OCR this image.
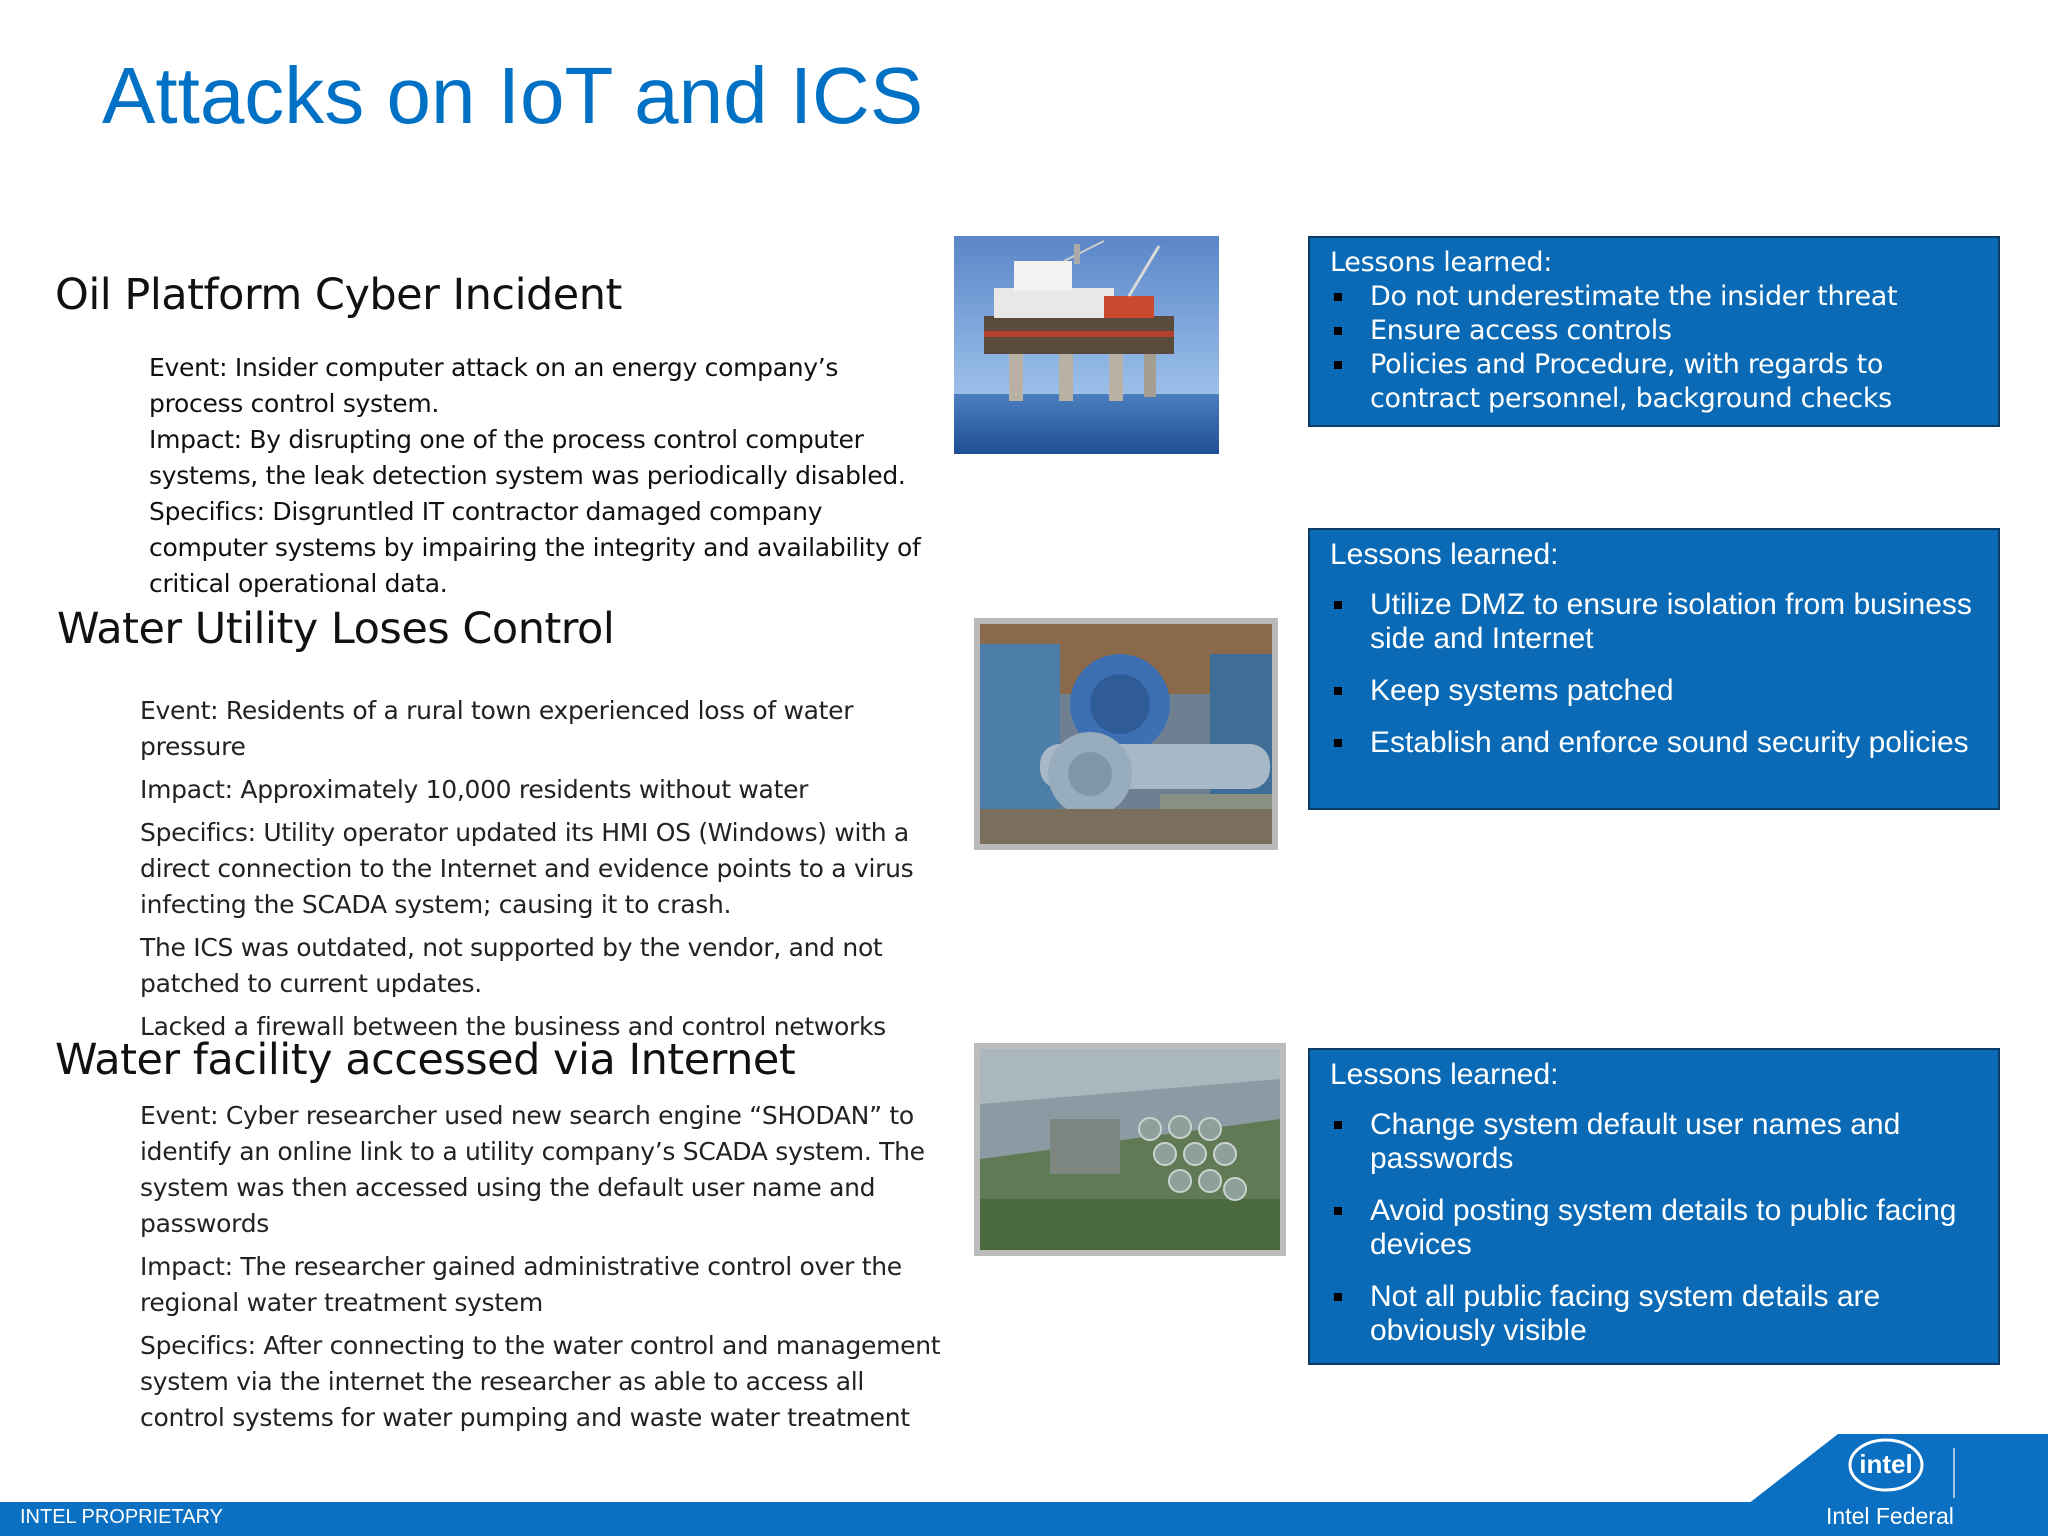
Attacks on IoT and ICS
Oil Platform Cyber Incident

Event: Insider computer attack on an energy company’s process control system.

Impact: By disrupting one of the process control computer systems, the leak detection system was periodically disabled.

Specifics: Disgruntled IT contractor damaged company computer systems by impairing the integrity and availability of critical operational data.

Lessons learned:

Do not underestimate the insider threat
Ensure access controls
Policies and Procedure, with regards to contract personnel, background checks
Water Utility Loses Control

Event: Residents of a rural town experienced loss of water pressure

Impact: Approximately 10,000 residents without water

Specifics: Utility operator updated its HMI OS (Windows) with a direct connection to the Internet and evidence points to a virus infecting the SCADA system; causing it to crash.

The ICS was outdated, not supported by the vendor, and not patched to current updates.

Lacked a firewall between the business and control networks

Lessons learned:

Utilize DMZ to ensure isolation from business side and Internet
Keep systems patched
Establish and enforce sound security policies
Water facility accessed via Internet

Event: Cyber researcher used new search engine “SHODAN” to identify an online link to a utility company’s SCADA system. The system was then accessed using the default user name and passwords

Impact: The researcher gained administrative control over the regional water treatment system

Specifics: After connecting to the water control and management system via the internet the researcher as able to access all control systems for water pumping and waste water treatment

Lessons learned:

Change system default user names and passwords
Avoid posting system details to public facing devices
Not all public facing system details are obviously visible
intel
INTEL PROPRIETARY	Intel Federal
